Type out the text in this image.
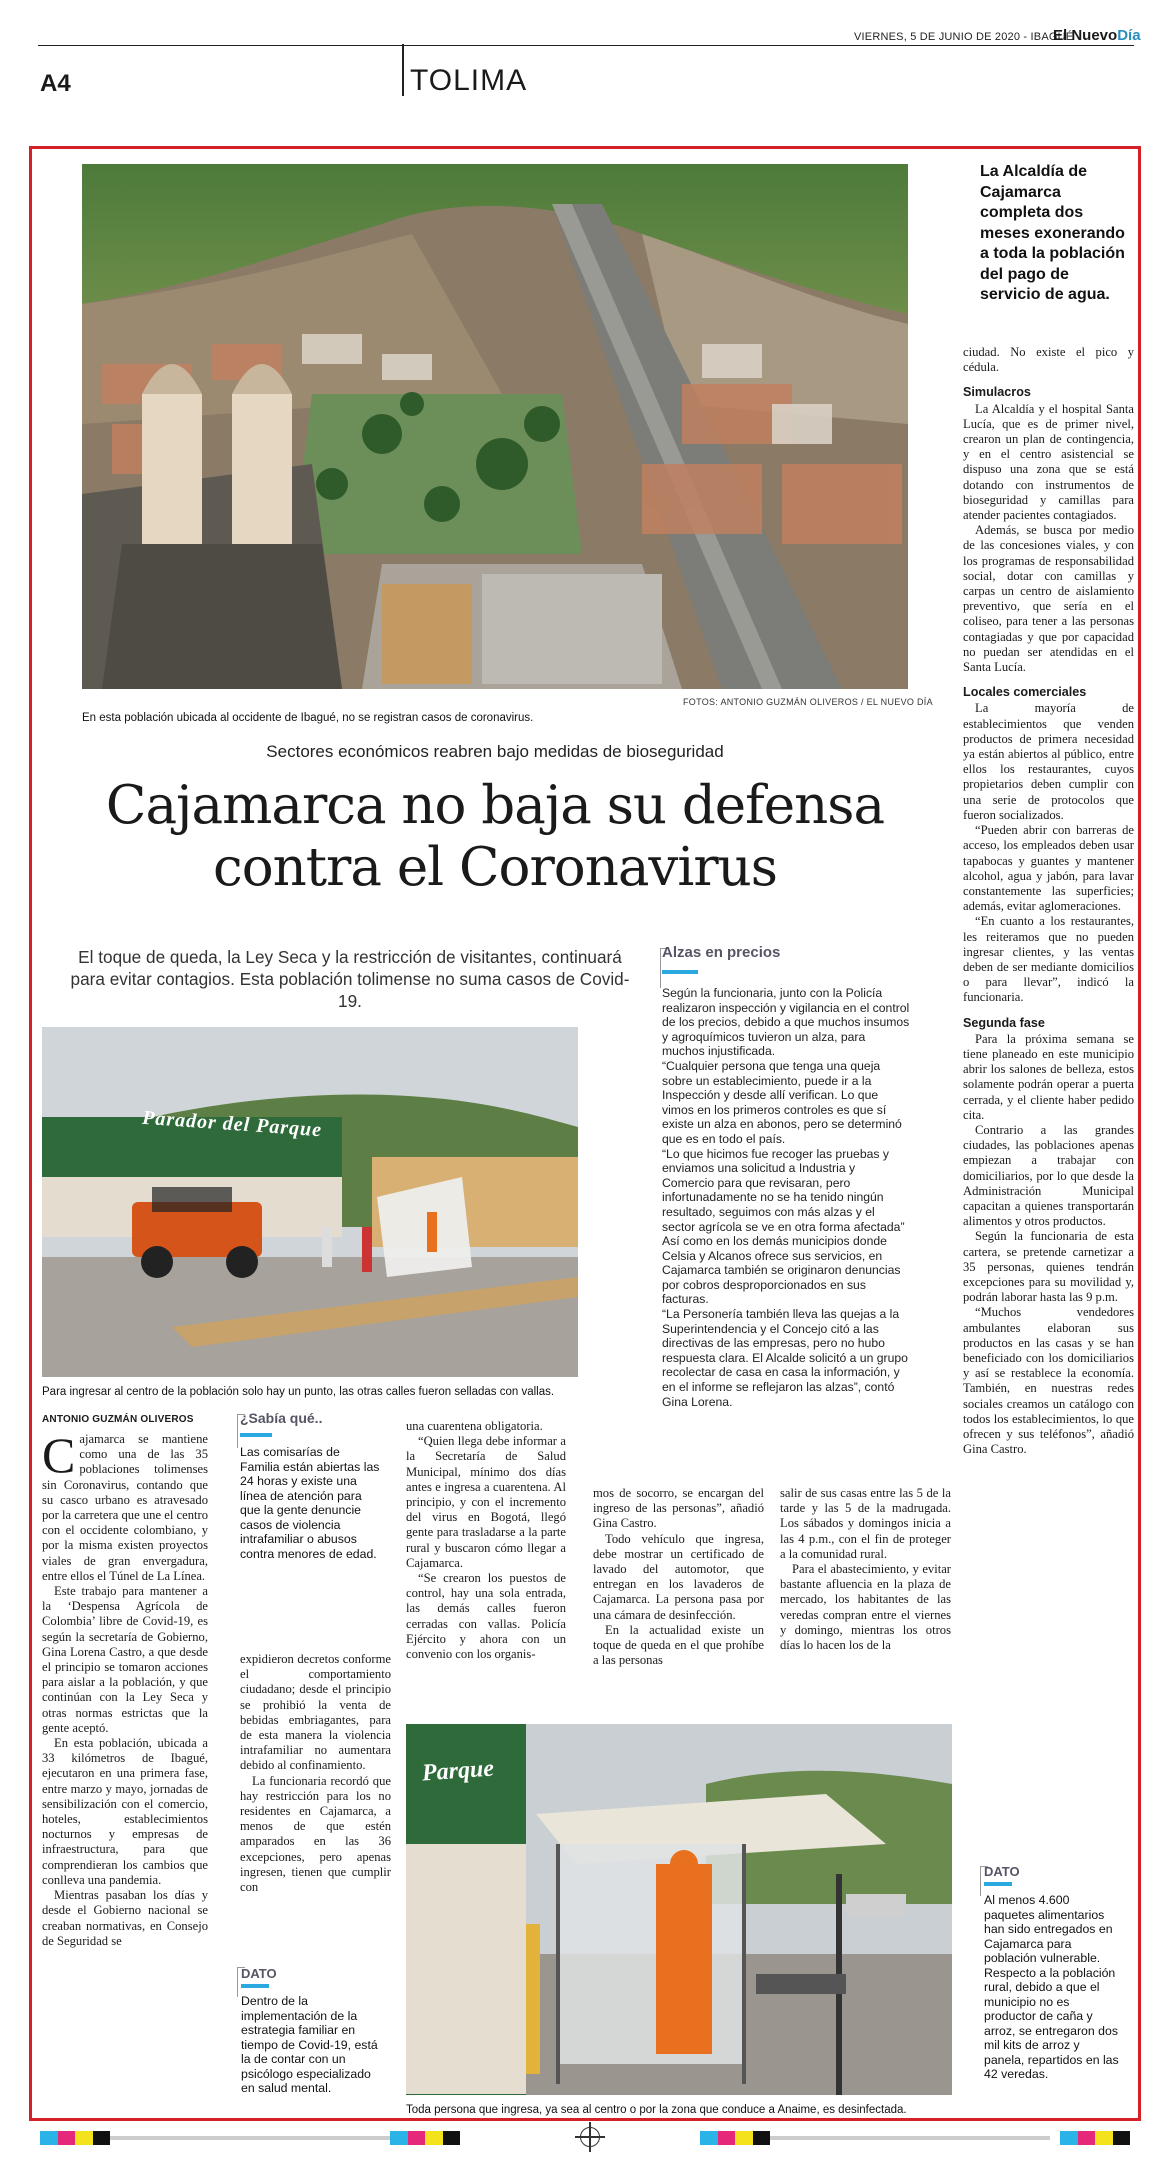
VIERNES, 5 DE JUNIO DE 2020 - IBAGUÉ
El NuevoDía
A4	TOLIMA
FOTOS: ANTONIO GUZMÁN OLIVEROS / EL NUEVO DÍA
En esta población ubicada al occidente de Ibagué, no se registran casos de coronavirus.
La Alcaldía de Cajamarca completa dos meses exonerando a toda la población del pago de servicio de agua.
Sectores económicos reabren bajo medidas de bioseguridad
Cajamarca no baja su defensa
contra el Coronavirus
El toque de queda, la Ley Seca y la restricción de visitantes, continuará para evitar contagios. Esta población tolimense no suma casos de Covid-19.
Alzas en precios

Según la funcionaria, junto con la Policía realizaron inspección y vigilancia en el control de los precios, debido a que muchos insumos y agroquímicos tuvieron un alza, para muchos injustificada.

“Cualquier persona que tenga una queja sobre un establecimiento, puede ir a la Inspección y desde allí verifican. Lo que vimos en los primeros controles es que sí existe un alza en abonos, pero se determinó que es en todo el país.

“Lo que hicimos fue recoger las pruebas y enviamos una solicitud a Industria y Comercio para que revisaran, pero infortunadamente no se ha tenido ningún resultado, seguimos con más alzas y el sector agrícola se ve en otra forma afectada”

Así como en los demás municipios donde Celsia y Alcanos ofrece sus servicios, en Cajamarca también se originaron denuncias por cobros desproporcionados en sus facturas.

“La Personería también lleva las quejas a la Superintendencia y el Concejo citó a las directivas de las empresas, pero no hubo respuesta clara. El Alcalde solicitó a un grupo recolectar de casa en casa la información, y en el informe se reflejaron las alzas”, contó Gina Lorena.

Parador del Parque
Para ingresar al centro de la población solo hay un punto, las otras calles fueron selladas con vallas.
ANTONIO GUZMÁN OLIVEROS

Cajamarca se mantiene como una de las 35 poblaciones tolimenses sin Coronavirus, contando que su casco urbano es atravesado por la carretera que une el centro con el occidente colombiano, y por la misma existen proyectos viales de gran envergadura, entre ellos el Túnel de La Línea.

Este trabajo para mantener a la ‘Despensa Agrícola de Colombia’ libre de Covid-19, es según la secretaría de Gobierno, Gina Lorena Castro, a que desde el principio se tomaron acciones para aislar a la población, y que continúan con la Ley Seca y otras normas estrictas que la gente aceptó.

En esta población, ubicada a 33 kilómetros de Ibagué, ejecutaron en una primera fase, entre marzo y mayo, jornadas de sensibilización con el comercio, hoteles, establecimientos nocturnos y empresas de infraestructura, para que comprendieran los cambios que conlleva una pandemia.

Mientras pasaban los días y desde el Gobierno nacional se creaban normativas, en Consejo de Seguridad se

¿Sabía qué..
Las comisarías de Familia están abiertas las 24 horas y existe una línea de atención para que la gente denuncie casos de violencia intrafamiliar o abusos contra menores de edad.

expidieron decretos conforme el comportamiento ciudadano; desde el principio se prohibió la venta de bebidas embriagantes, para de esta manera la violencia intrafamiliar no aumentara debido al confinamiento.

La funcionaria recordó que hay restricción para los no residentes en Cajamarca, a menos de que estén amparados en las 36 excepciones, pero apenas ingresen, tienen que cumplir con

DATO
Dentro de la implementación de la estrategia familiar en tiempo de Covid-19, está la de contar con un psicólogo especializado en salud mental.

una cuarentena obligatoria.

“Quien llega debe informar a la Secretaría de Salud Municipal, mínimo dos días antes e ingresa a cuarentena. Al principio, y con el incremento del virus en Bogotá, llegó gente para trasladarse a la parte rural y buscaron cómo llegar a Cajamarca.

“Se crearon los puestos de control, hay una sola entrada, las demás calles fueron cerradas con vallas. Policía Ejército y ahora con un convenio con los organis-

mos de socorro, se encargan del ingreso de las personas”, añadió Gina Castro.

Todo vehículo que ingresa, debe mostrar un certificado de lavado del automotor, que entregan en los lavaderos de Cajamarca. La persona pasa por una cámara de desinfección.

En la actualidad existe un toque de queda en el que prohíbe a las personas

salir de sus casas entre las 5 de la tarde y las 5 de la madrugada. Los sábados y domingos inicia a las 4 p.m., con el fin de proteger a la comunidad rural.

Para el abastecimiento, y evitar bastante afluencia en la plaza de mercado, los habitantes de las veredas compran entre el viernes y domingo, mientras los otros días lo hacen los de la

Parque
Toda persona que ingresa, ya sea al centro o por la zona que conduce a Anaime, es desinfectada.

ciudad. No existe el pico y cédula.

Simulacros

La Alcaldía y el hospital Santa Lucía, que es de primer nivel, crearon un plan de contingencia, y en el centro asistencial se dispuso una zona que se está dotando con instrumentos de bioseguridad y camillas para atender pacientes contagiados.

Además, se busca por medio de las concesiones viales, y con los programas de responsabilidad social, dotar con camillas y carpas un centro de aislamiento preventivo, que sería en el coliseo, para tener a las personas contagiadas y que por capacidad no puedan ser atendidas en el Santa Lucía.

Locales comerciales

La mayoría de establecimientos que venden productos de primera necesidad ya están abiertos al público, entre ellos los restaurantes, cuyos propietarios deben cumplir con una serie de protocolos que fueron socializados.

“Pueden abrir con barreras de acceso, los empleados deben usar tapabocas y guantes y mantener alcohol, agua y jabón, para lavar constantemente las superficies; además, evitar aglomeraciones.

“En cuanto a los restaurantes, les reiteramos que no pueden ingresar clientes, y las ventas deben de ser mediante domicilios o para llevar”, indicó la funcionaria.

Segunda fase

Para la próxima semana se tiene planeado en este municipio abrir los salones de belleza, estos solamente podrán operar a puerta cerrada, y el cliente haber pedido cita.

Contrario a las grandes ciudades, las poblaciones apenas empiezan a trabajar con domiciliarios, por lo que desde la Administración Municipal capacitan a quienes transportarán alimentos y otros productos.

Según la funcionaria de esta cartera, se pretende carnetizar a 35 personas, quienes tendrán excepciones para su movilidad y, podrán laborar hasta las 9 p.m.

“Muchos vendedores ambulantes elaboran sus productos en las casas y se han beneficiado con los domiciliarios y así se restablece la economía. También, en nuestras redes sociales creamos un catálogo con todos los establecimientos, lo que ofrecen y sus teléfonos”, añadió Gina Castro.

DATO
Al menos 4.600 paquetes alimentarios han sido entregados en Cajamarca para población vulnerable. Respecto a la población rural, debido a que el municipio no es productor de caña y arroz, se entregaron dos mil kits de arroz y panela, repartidos en las 42 veredas.
